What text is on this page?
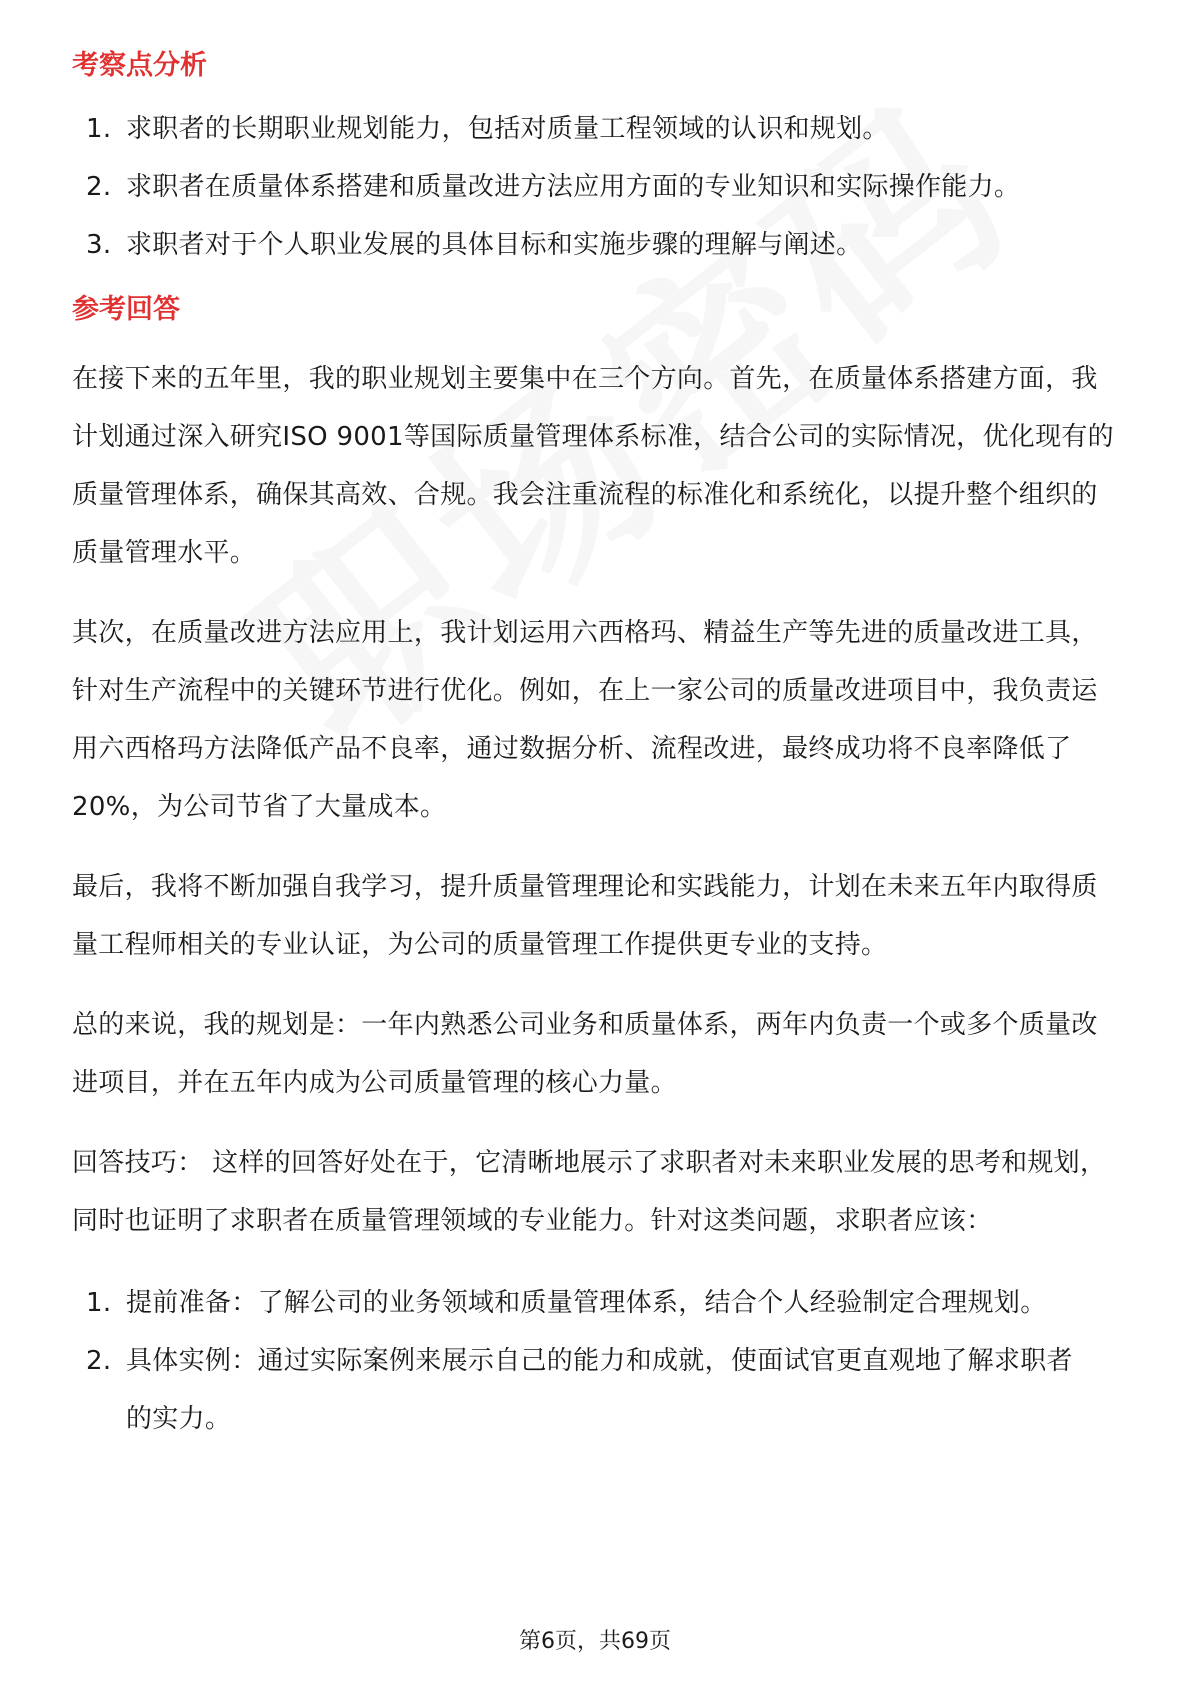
考察点分析
1. 求职者的长期职业规划能力，包括对质量工程领域的认识和规划。
2. 求职者在质量体系搭建和质量改进方法应用方面的专业知识和实际操作能力。
3. 求职者对于个人职业发展的具体目标和实施步骤的理解与阐述。
参考回答

在接下来的五年里，我的职业规划主要集中在三个方向。首先，在质量体系搭建方面，我计划通过深入研究ISO 9001等国际质量管理体系标准，结合公司的实际情况，优化现有的质量管理体系，确保其高效、合规。我会注重流程的标准化和系统化，以提升整个组织的质量管理水平。

其次，在质量改进方法应用上，我计划运用六西格玛、精益生产等先进的质量改进工具，针对生产流程中的关键环节进行优化。例如，在上一家公司的质量改进项目中，我负责运用六西格玛方法降低产品不良率，通过数据分析、流程改进，最终成功将不良率降低了20%，为公司节省了大量成本。

最后，我将不断加强自我学习，提升质量管理理论和实践能力，计划在未来五年内取得质量工程师相关的专业认证，为公司的质量管理工作提供更专业的支持。

总的来说，我的规划是：一年内熟悉公司业务和质量体系，两年内负责一个或多个质量改进项目，并在五年内成为公司质量管理的核心力量。

回答技巧： 这样的回答好处在于，它清晰地展示了求职者对未来职业发展的思考和规划，同时也证明了求职者在质量管理领域的专业能力。针对这类问题，求职者应该：

1. 提前准备：了解公司的业务领域和质量管理体系，结合个人经验制定合理规划。
2. 具体实例：通过实际案例来展示自己的能力和成就，使面试官更直观地了解求职者的实力。
第6页，共69页
